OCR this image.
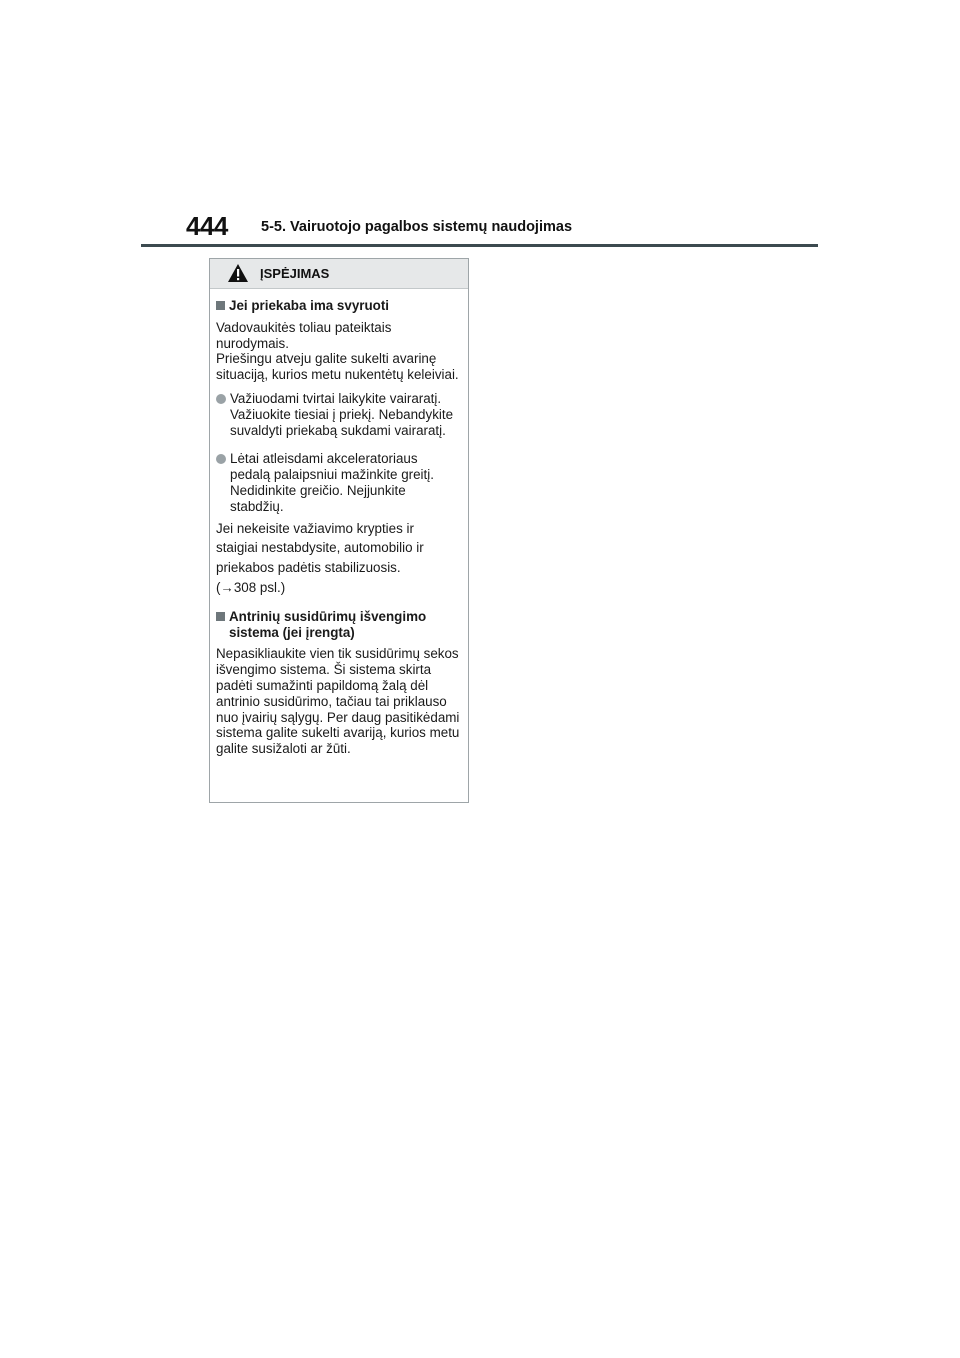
444 5-5. Vairuotojo pagalbos sistemų naudojimas
ĮSPĖJIMAS
Jei priekaba ima svyruoti
Vadovaukitės toliau pateiktais nurodymais.
Priešingu atveju galite sukelti avarinę situaciją, kurios metu nukentėtų keleiviai.
Važiuodami tvirtai laikykite vairaratį. Važiuokite tiesiai į priekį. Nebandykite suvaldyti priekabą sukdami vairaratį.
Lėtai atleisdami akceleratoriaus pedalą palaipsniui mažinkite greitį. Nedidinkite greičio. Nejjunkite stabdžių.
Jei nekeisite važiavimo krypties ir
staigiai nestabdysite, automobilio ir
priekabos padėtis stabilizuosis.
(→308 psl.)
Antrinių susidūrimų išvengimo sistema (jei įrengta)
Nepasikliaukite vien tik susidūrimų sekos išvengimo sistema. Ši sistema skirta padėti sumažinti papildomą žalą dėl antrinio susidūrimo, tačiau tai priklauso nuo įvairių sąlygų. Per daug pasitikėdami sistema galite sukelti avariją, kurios metu galite susižaloti ar žūti.
